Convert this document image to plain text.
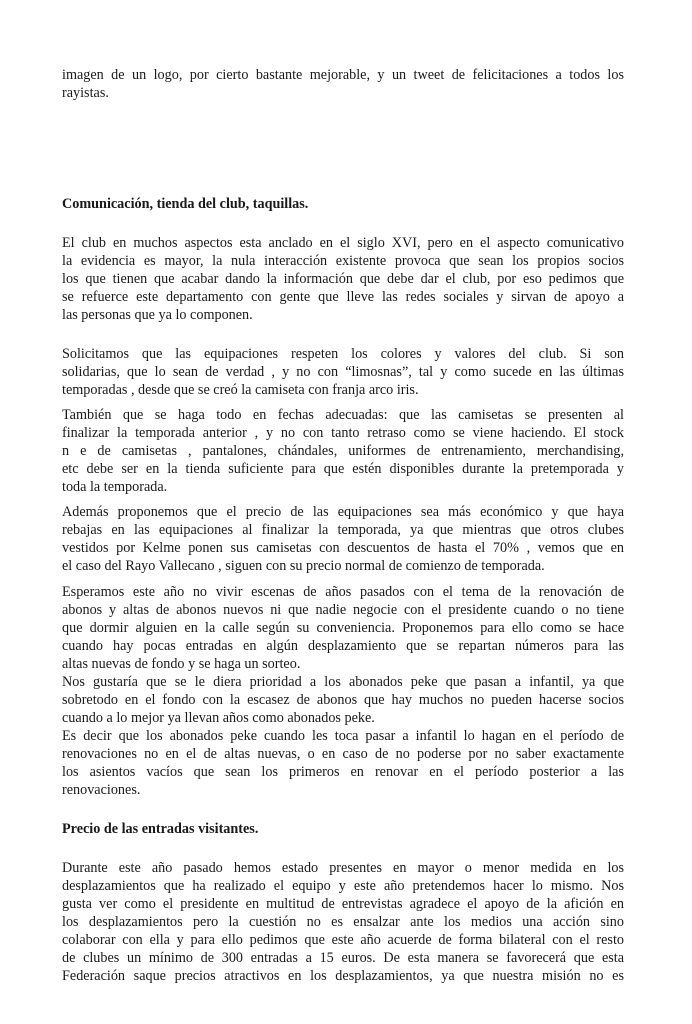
imagen de un logo, por cierto bastante mejorable, y un tweet de felicitaciones a todos los
rayistas.
Comunicación, tienda del club, taquillas.
El club en muchos aspectos esta anclado en el siglo XVI, pero en el aspecto comunicativo
la evidencia es mayor, la nula interacción existente provoca que sean los propios socios
los que tienen que acabar dando la información que debe dar el club, por eso pedimos que
se refuerce este departamento con gente que lleve las redes sociales y sirvan de apoyo a
las personas que ya lo componen.
Solicitamos que las equipaciones respeten los colores y valores del club. Si son
solidarias, que lo sean de verdad , y no con “limosnas”, tal y como sucede en las últimas
temporadas , desde que se creó la camiseta con franja arco iris.
También que se haga todo en fechas adecuadas: que las camisetas se presenten al
finalizar la temporada anterior , y no con tanto retraso como se viene haciendo. El stock
n e de camisetas , pantalones, chándales, uniformes de entrenamiento, merchandising,
etc debe ser en la tienda suficiente para que estén disponibles durante la pretemporada y
toda la temporada.
Además proponemos que el precio de las equipaciones sea más económico y que haya
rebajas en las equipaciones al finalizar la temporada, ya que mientras que otros clubes
vestidos por Kelme ponen sus camisetas con descuentos de hasta el 70% , vemos que en
el caso del Rayo Vallecano , siguen con su precio normal de comienzo de temporada.
Esperamos este año no vivir escenas de años pasados con el tema de la renovación de
abonos y altas de abonos nuevos ni que nadie negocie con el presidente cuando o no tiene
que dormir alguien en la calle según su conveniencia. Proponemos para ello como se hace
cuando hay pocas entradas en algún desplazamiento que se repartan números para las
altas nuevas de fondo y se haga un sorteo.
Nos gustaría que se le diera prioridad a los abonados peke que pasan a infantil, ya que
sobretodo en el fondo con la escasez de abonos que hay muchos no pueden hacerse socios
cuando a lo mejor ya llevan años como abonados peke.
Es decir que los abonados peke cuando les toca pasar a infantil lo hagan en el período de
renovaciones no en el de altas nuevas, o en caso de no poderse por no saber exactamente
los asientos vacíos que sean los primeros en renovar en el período posterior a las
renovaciones.
Precio de las entradas visitantes.
Durante este año pasado hemos estado presentes en mayor o menor medida en los
desplazamientos que ha realizado el equipo y este año pretendemos hacer lo mismo. Nos
gusta ver como el presidente en multitud de entrevistas agradece el apoyo de la afición en
los desplazamientos pero la cuestión no es ensalzar ante los medios una acción sino
colaborar con ella y para ello pedimos que este año acuerde de forma bilateral con el resto
de clubes un mínimo de 300 entradas a 15 euros. De esta manera se favorecerá que esta
Federación saque precios atractivos en los desplazamientos, ya que nuestra misión no es
